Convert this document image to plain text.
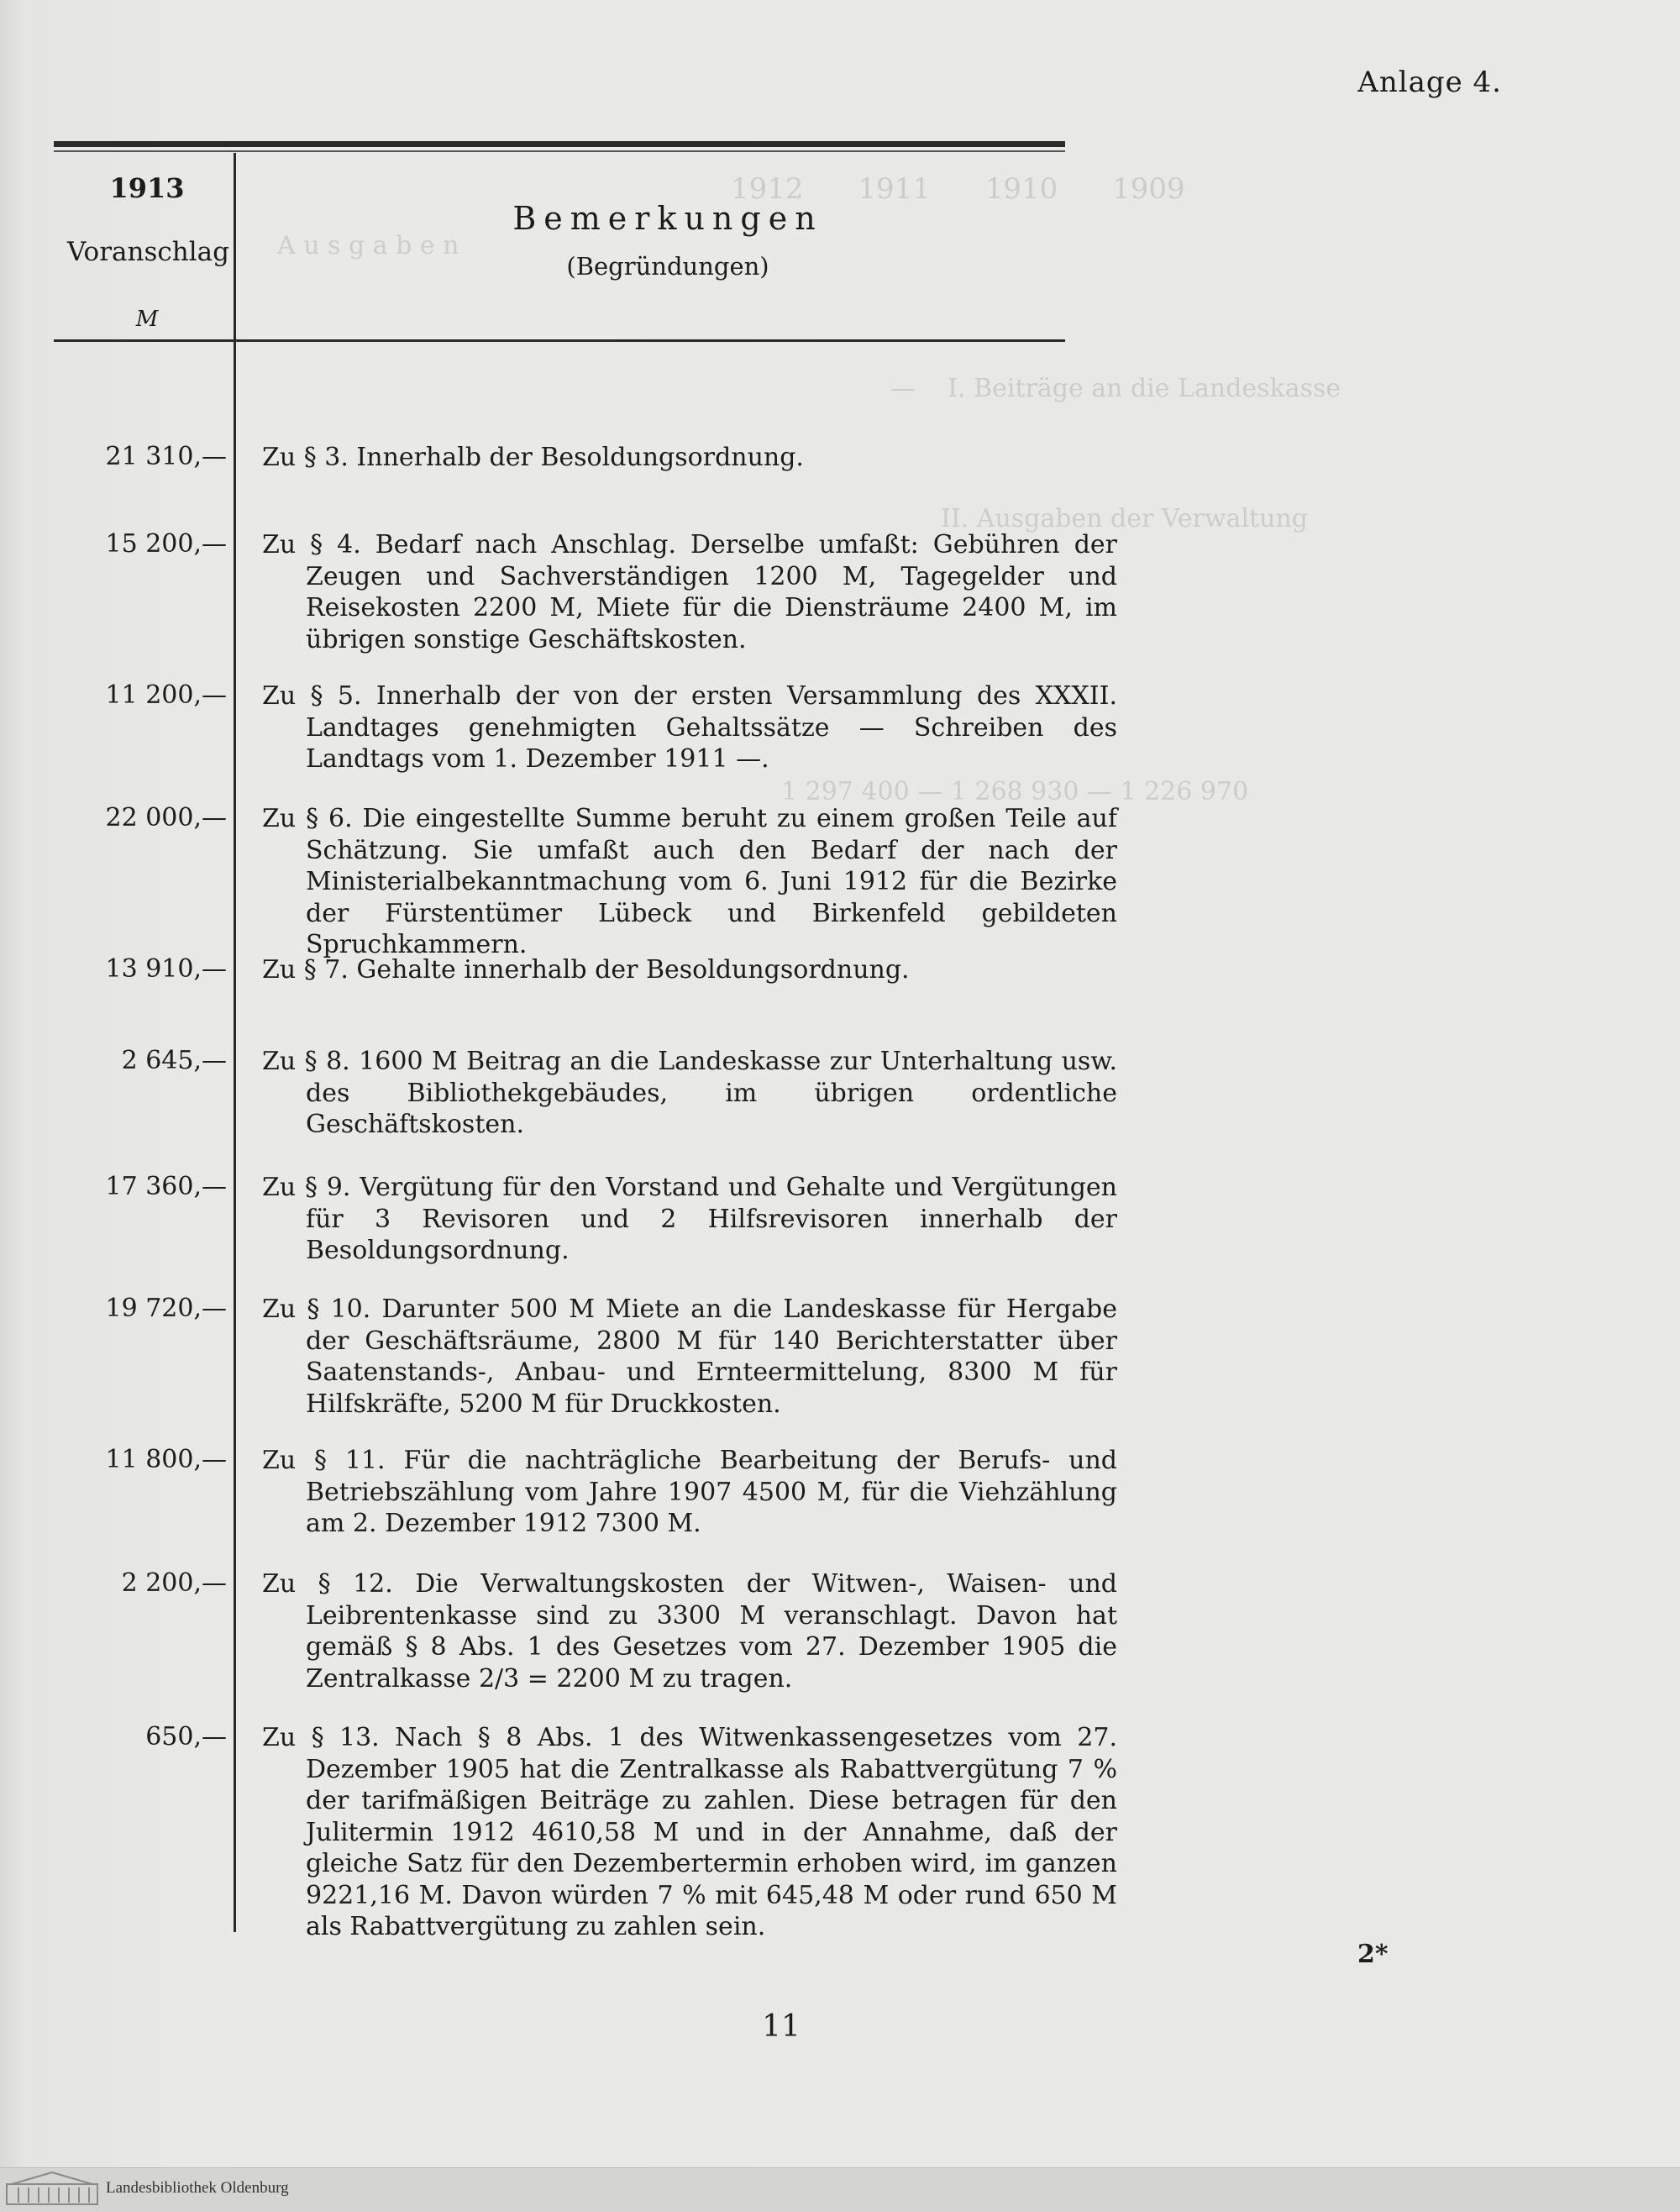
1912      1911      1910      1909
A u s g a b e n
—    I. Beiträge an die Landeskasse
II. Ausgaben der Verwaltung
1 297 400 — 1 268 930 — 1 226 970
Anlage 4.
1913
Voranschlag
M
Bemerkungen
(Begründungen)
21 310,— Zu § 3. Innerhalb der Besoldungsordnung.
15 200,— Zu § 4. Bedarf nach Anschlag. Derselbe umfaßt: Gebühren der Zeugen und Sachverständigen 1200 M, Tagegelder und Reisekosten 2200 M, Miete für die Diensträume 2400 M, im übrigen sonstige Geschäftskosten.
11 200,— Zu § 5. Innerhalb der von der ersten Versammlung des XXXII. Landtages genehmigten Gehaltssätze — Schreiben des Landtags vom 1. Dezember 1911 —.
22 000,— Zu § 6. Die eingestellte Summe beruht zu einem großen Teile auf Schätzung. Sie umfaßt auch den Bedarf der nach der Ministerialbekanntmachung vom 6. Juni 1912 für die Bezirke der Fürstentümer Lübeck und Birkenfeld gebildeten Spruchkammern.
13 910,— Zu § 7. Gehalte innerhalb der Besoldungsordnung.
2 645,— Zu § 8. 1600 M Beitrag an die Landeskasse zur Unterhaltung usw. des Bibliothekgebäudes, im übrigen ordentliche Geschäftskosten.
17 360,— Zu § 9. Vergütung für den Vorstand und Gehalte und Vergütungen für 3 Revisoren und 2 Hilfsrevisoren innerhalb der Besoldungsordnung.
19 720,— Zu § 10. Darunter 500 M Miete an die Landeskasse für Hergabe der Geschäftsräume, 2800 M für 140 Berichterstatter über Saatenstands-, Anbau- und Ernteermittelung, 8300 M für Hilfskräfte, 5200 M für Druckkosten.
11 800,— Zu § 11. Für die nachträgliche Bearbeitung der Berufs- und Betriebszählung vom Jahre 1907 4500 M, für die Viehzählung am 2. Dezember 1912 7300 M.
2 200,— Zu § 12. Die Verwaltungskosten der Witwen-, Waisen- und Leibrentenkasse sind zu 3300 M veranschlagt. Davon hat gemäß § 8 Abs. 1 des Gesetzes vom 27. Dezember 1905 die Zentralkasse 2/3 = 2200 M zu tragen.
650,— Zu § 13. Nach § 8 Abs. 1 des Witwenkassengesetzes vom 27. Dezember 1905 hat die Zentralkasse als Rabattvergütung 7 % der tarifmäßigen Beiträge zu zahlen. Diese betragen für den Julitermin 1912 4610,58 M und in der Annahme, daß der gleiche Satz für den Dezembertermin erhoben wird, im ganzen 9221,16 M. Davon würden 7 % mit 645,48 M oder rund 650 M als Rabattvergütung zu zahlen sein.
2*
11
Landesbibliothek Oldenburg
